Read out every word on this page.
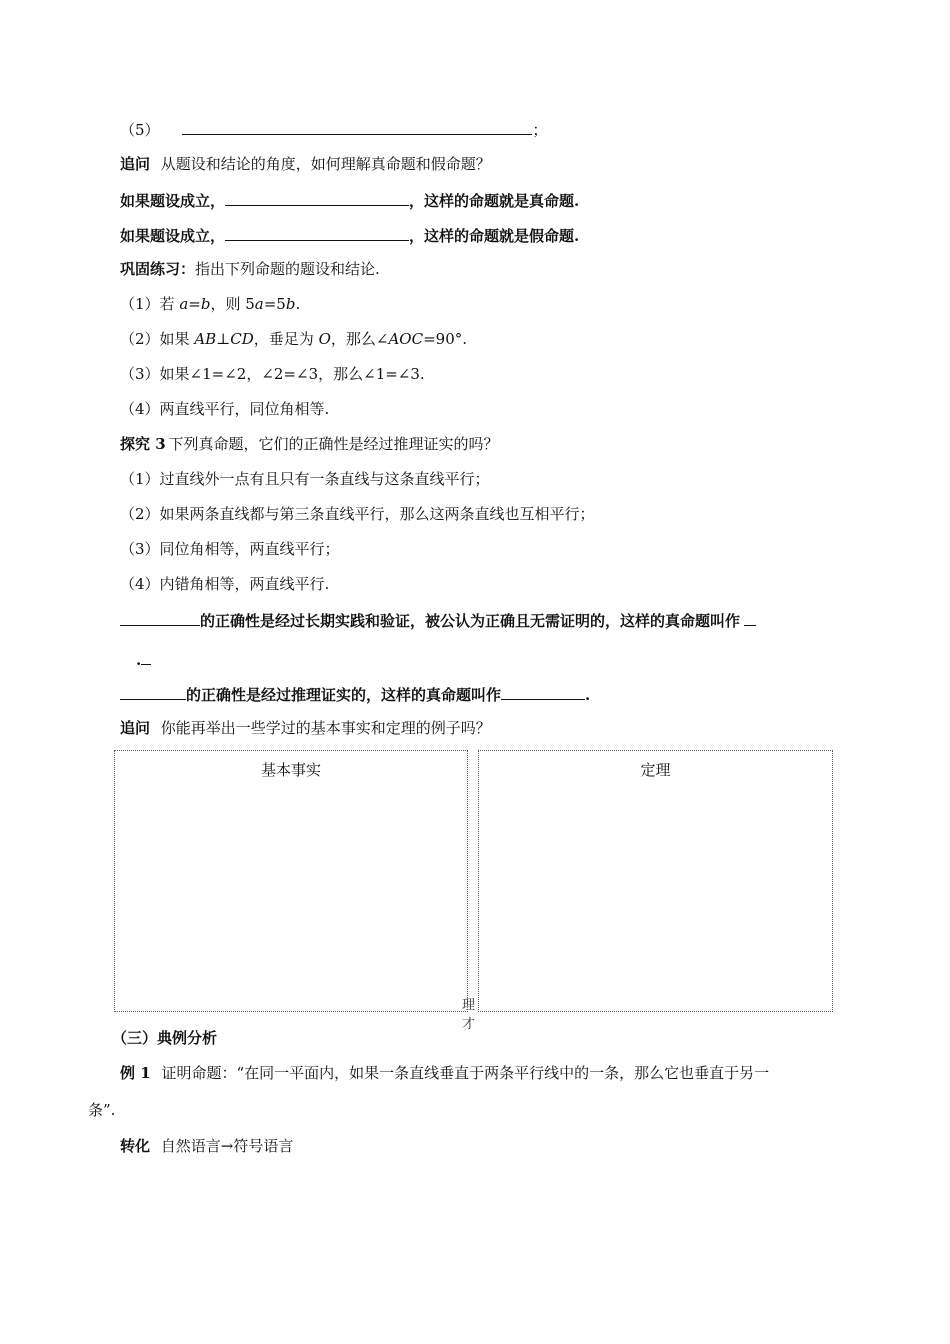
（5）	；
追问 从题设和结论的角度，如何理解真命题和假命题？
如果题设成立，	，这样的命题就是真命题.
如果题设成立，	，这样的命题就是假命题.
巩固练习：指出下列命题的题设和结论.
（1）若 a=b，则 5a=5b.
（2）如果 AB⊥CD，垂足为 O，那么∠AOC=90°.
（3）如果∠1=∠2，∠2=∠3，那么∠1=∠3.
（4）两直线平行，同位角相等.
探究 3 下列真命题，它们的正确性是经过推理证实的吗？
（1）过直线外一点有且只有一条直线与这条直线平行；
（2）如果两条直线都与第三条直线平行，那么这两条直线也互相平行；
（3）同位角相等，两直线平行；
（4）内错角相等，两直线平行.
的正确性是经过长期实践和验证，被公认为正确且无需证明的，这样的真命题叫作
.
的正确性是经过推理证实的，这样的真命题叫作	.
追问 你能再举出一些学过的基本事实和定理的例子吗？
基本事实	定理
理才
（三）典例分析
例 1 证明命题：“在同一平面内，如果一条直线垂直于两条平行线中的一条，那么它也垂直于另一
条”.
转化 自然语言→符号语言
